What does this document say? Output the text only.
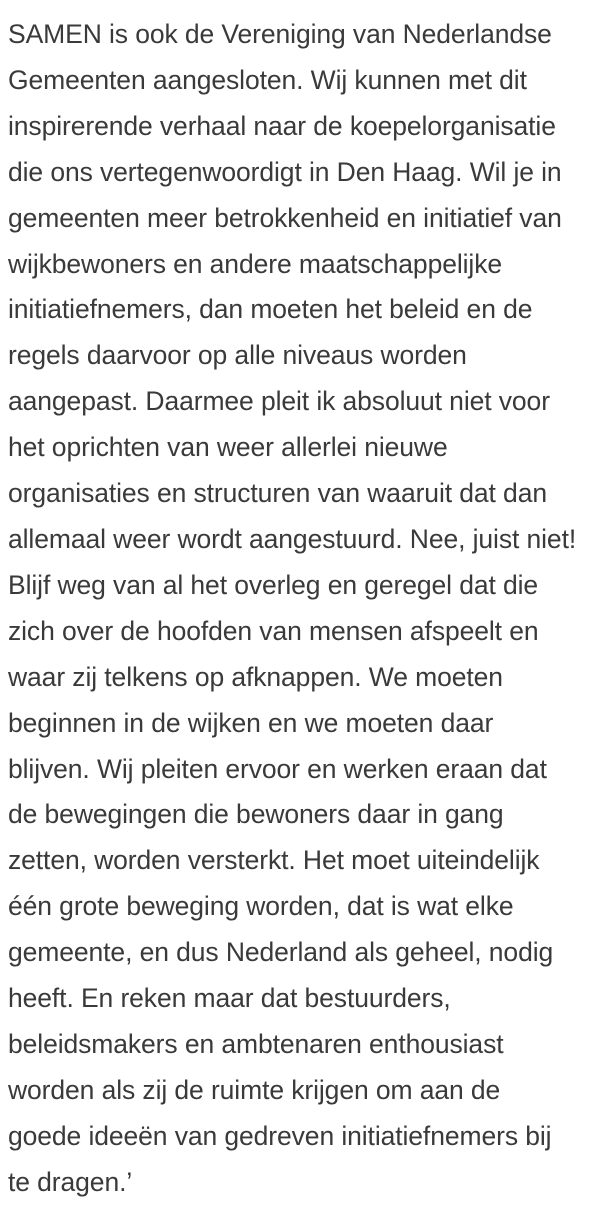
SAMEN is ook de Vereniging van Nederlandse
Gemeenten aangesloten. Wij kunnen met dit
inspirerende verhaal naar de koepelorganisatie
die ons vertegenwoordigt in Den Haag. Wil je in
gemeenten meer betrokkenheid en initiatief van
wijkbewoners en andere maatschappelijke
initiatiefnemers, dan moeten het beleid en de
regels daarvoor op alle niveaus worden
aangepast. Daarmee pleit ik absoluut niet voor
het oprichten van weer allerlei nieuwe
organisaties en structuren van waaruit dat dan
allemaal weer wordt aangestuurd. Nee, juist niet!
Blijf weg van al het overleg en geregel dat die
zich over de hoofden van mensen afspeelt en
waar zij telkens op afknappen. We moeten
beginnen in de wijken en we moeten daar
blijven. Wij pleiten ervoor en werken eraan dat
de bewegingen die bewoners daar in gang
zetten, worden versterkt. Het moet uiteindelijk
één grote beweging worden, dat is wat elke
gemeente, en dus Nederland als geheel, nodig
heeft. En reken maar dat bestuurders,
beleidsmakers en ambtenaren enthousiast
worden als zij de ruimte krijgen om aan de
goede ideeën van gedreven initiatiefnemers bij
te dragen.’
